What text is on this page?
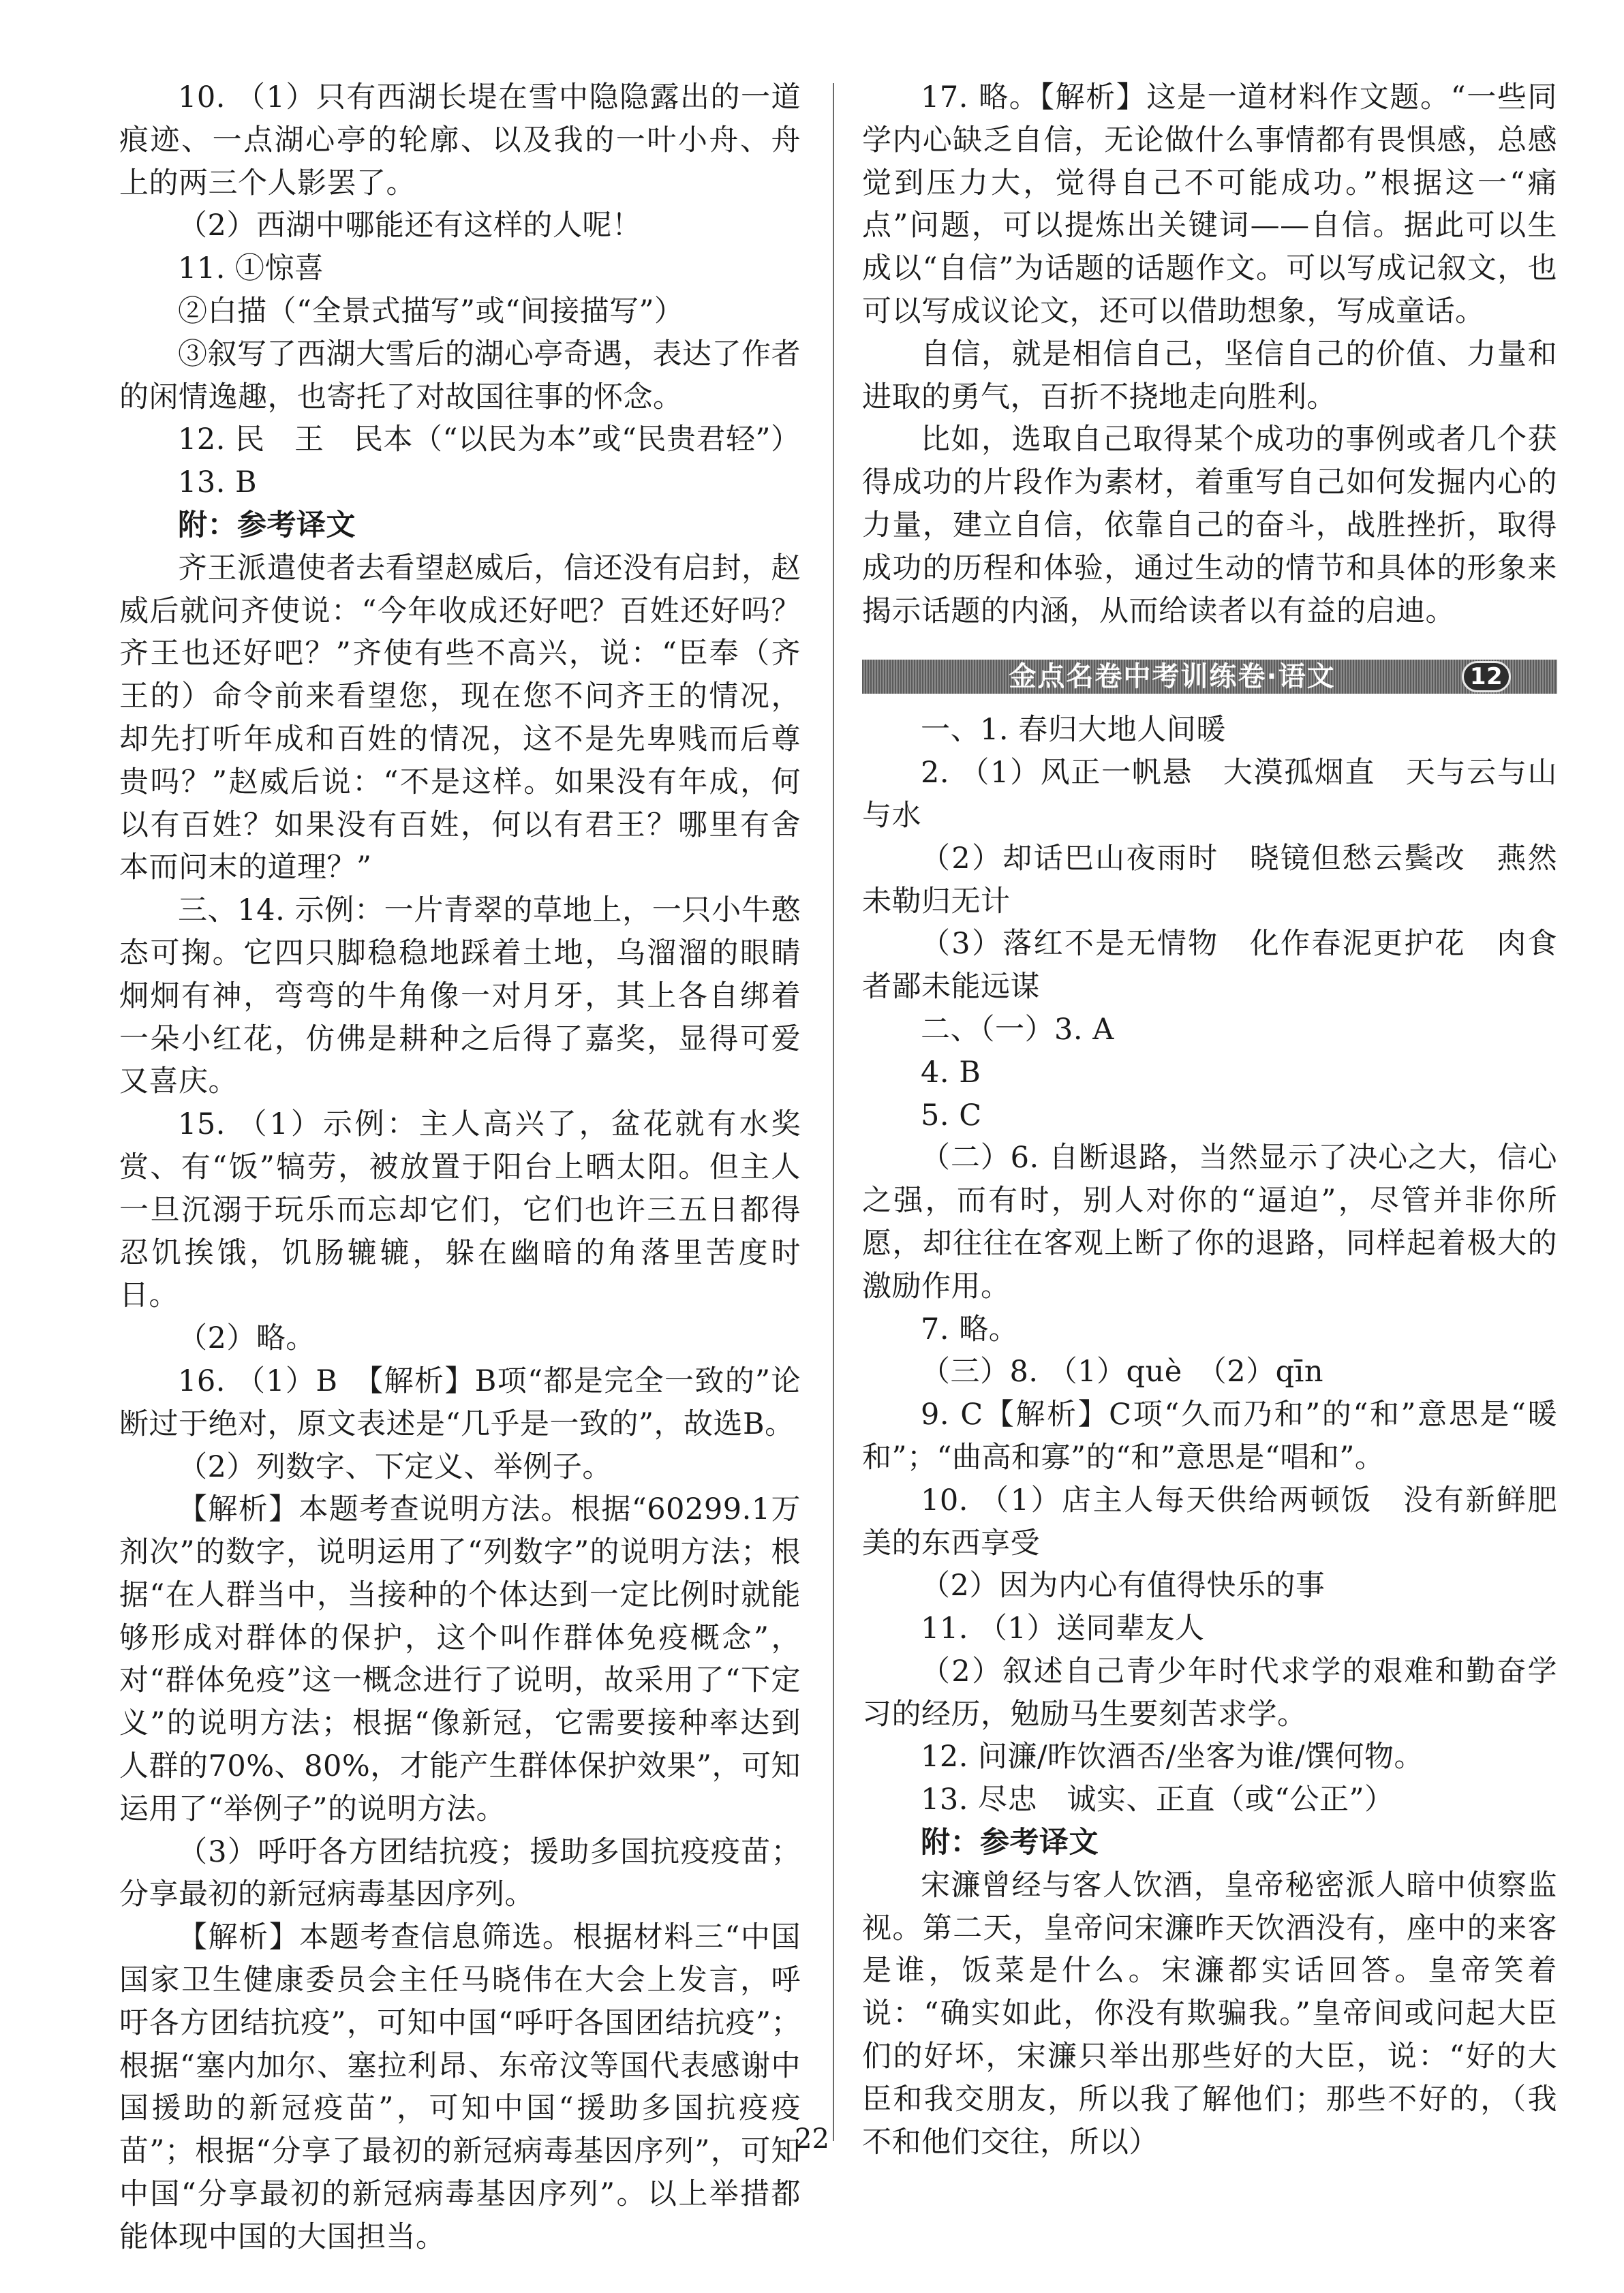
10. （1）只有西湖长堤在雪中隐隐露出的一道痕迹、一点湖心亭的轮廓、以及我的一叶小舟、舟上的两三个人影罢了。

（2）西湖中哪能还有这样的人呢！

11. ①惊喜

②白描（“全景式描写”或“间接描写”）

③叙写了西湖大雪后的湖心亭奇遇，表达了作者的闲情逸趣，也寄托了对故国往事的怀念。

12. 民　王　民本（“以民为本”或“民贵君轻”）

13. B

附：参考译文

齐王派遣使者去看望赵威后，信还没有启封，赵威后就问齐使说：“今年收成还好吧？百姓还好吗？齐王也还好吧？”齐使有些不高兴，说：“臣奉（齐王的）命令前来看望您，现在您不问齐王的情况，却先打听年成和百姓的情况，这不是先卑贱而后尊贵吗？”赵威后说：“不是这样。如果没有年成，何以有百姓？如果没有百姓，何以有君王？哪里有舍本而问末的道理？”

三、14. 示例：一片青翠的草地上，一只小牛憨态可掬。它四只脚稳稳地踩着土地，乌溜溜的眼睛炯炯有神，弯弯的牛角像一对月牙，其上各自绑着一朵小红花，仿佛是耕种之后得了嘉奖，显得可爱又喜庆。

15. （1）示例：主人高兴了，盆花就有水奖赏、有“饭”犒劳，被放置于阳台上晒太阳。但主人一旦沉溺于玩乐而忘却它们，它们也许三五日都得忍饥挨饿，饥肠辘辘，躲在幽暗的角落里苦度时日。

（2）略。

16. （1）B　【解析】B项“都是完全一致的”论断过于绝对，原文表述是“几乎是一致的”，故选B。

（2）列数字、下定义、举例子。

【解析】本题考查说明方法。根据“60299.1万剂次”的数字，说明运用了“列数字”的说明方法；根据“在人群当中，当接种的个体达到一定比例时就能够形成对群体的保护，这个叫作群体免疫概念”，对“群体免疫”这一概念进行了说明，故采用了“下定义”的说明方法；根据“像新冠，它需要接种率达到人群的70%、80%，才能产生群体保护效果”，可知运用了“举例子”的说明方法。

（3）呼吁各方团结抗疫；援助多国抗疫疫苗；分享最初的新冠病毒基因序列。

【解析】本题考查信息筛选。根据材料三“中国国家卫生健康委员会主任马晓伟在大会上发言，呼吁各方团结抗疫”，可知中国“呼吁各国团结抗疫”；根据“塞内加尔、塞拉利昂、东帝汶等国代表感谢中国援助的新冠疫苗”，可知中国“援助多国抗疫疫苗”；根据“分享了最初的新冠病毒基因序列”，可知中国“分享最初的新冠病毒基因序列”。以上举措都能体现中国的大国担当。

17. 略。【解析】这是一道材料作文题。“一些同学内心缺乏自信，无论做什么事情都有畏惧感，总感觉到压力大，觉得自己不可能成功。”根据这一“痛点”问题，可以提炼出关键词——自信。据此可以生成以“自信”为话题的话题作文。可以写成记叙文，也可以写成议论文，还可以借助想象，写成童话。

自信，就是相信自己，坚信自己的价值、力量和进取的勇气，百折不挠地走向胜利。

比如，选取自己取得某个成功的事例或者几个获得成功的片段作为素材，着重写自己如何发掘内心的力量，建立自信，依靠自己的奋斗，战胜挫折，取得成功的历程和体验，通过生动的情节和具体的形象来揭示话题的内涵，从而给读者以有益的启迪。

金点名卷中考训练卷·语文	12

一、1. 春归大地人间暖

2. （1）风正一帆悬　大漠孤烟直　天与云与山与水

（2）却话巴山夜雨时　晓镜但愁云鬓改　燕然未勒归无计

（3）落红不是无情物　化作春泥更护花　肉食者鄙未能远谋

二、（一）3. A

4. B

5. C

（二）6. 自断退路，当然显示了决心之大，信心之强，而有时，别人对你的“逼迫”，尽管并非你所愿，却往往在客观上断了你的退路，同样起着极大的激励作用。

7. 略。

（三）8. （1）què　（2）qīn

9. C【解析】C项“久而乃和”的“和”意思是“暖和”；“曲高和寡”的“和”意思是“唱和”。

10. （1）店主人每天供给两顿饭　没有新鲜肥美的东西享受

（2）因为内心有值得快乐的事

11. （1）送同辈友人

（2）叙述自己青少年时代求学的艰难和勤奋学习的经历，勉励马生要刻苦求学。

12. 问濂/昨饮酒否/坐客为谁/馔何物。

13. 尽忠　诚实、正直（或“公正”）

附：参考译文

宋濂曾经与客人饮酒，皇帝秘密派人暗中侦察监视。第二天，皇帝问宋濂昨天饮酒没有，座中的来客是谁，饭菜是什么。宋濂都实话回答。皇帝笑着说：“确实如此，你没有欺骗我。”皇帝间或问起大臣们的好坏，宋濂只举出那些好的大臣，说：“好的大臣和我交朋友，所以我了解他们；那些不好的，（我不和他们交往，所以）

22
